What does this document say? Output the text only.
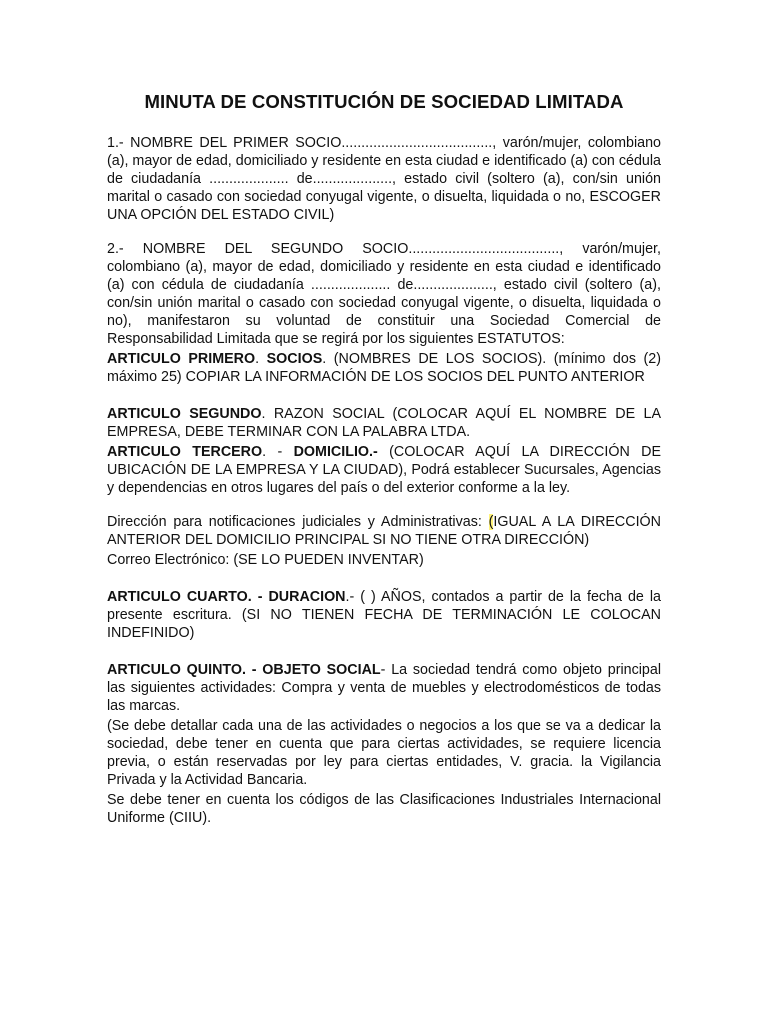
MINUTA DE CONSTITUCIÓN DE SOCIEDAD LIMITADA

1.- NOMBRE DEL PRIMER SOCIO......................................, varón/mujer, colombiano (a), mayor de edad, domiciliado y residente en esta ciudad e identificado (a) con cédula de ciudadanía .................... de...................., estado civil (soltero (a), con/sin unión marital o casado con sociedad conyugal vigente, o disuelta, liquidada o no, ESCOGER UNA OPCIÓN DEL ESTADO CIVIL)

2.- NOMBRE DEL SEGUNDO SOCIO......................................, varón/mujer, colombiano (a), mayor de edad, domiciliado y residente en esta ciudad e identificado (a) con cédula de ciudadanía .................... de...................., estado civil (soltero (a), con/sin unión marital o casado con sociedad conyugal vigente, o disuelta, liquidada o no), manifestaron su voluntad de constituir una Sociedad Comercial de Responsabilidad Limitada que se regirá por los siguientes ESTATUTOS:

ARTICULO PRIMERO. SOCIOS. (NOMBRES DE LOS SOCIOS). (mínimo dos (2) máximo 25) COPIAR LA INFORMACIÓN DE LOS SOCIOS DEL PUNTO ANTERIOR

ARTICULO SEGUNDO. RAZON SOCIAL (COLOCAR AQUÍ EL NOMBRE DE LA EMPRESA, DEBE TERMINAR CON LA PALABRA LTDA.

ARTICULO TERCERO. - DOMICILIO.- (COLOCAR AQUÍ LA DIRECCIÓN DE UBICACIÓN DE LA EMPRESA Y LA CIUDAD), Podrá establecer Sucursales, Agencias y dependencias en otros lugares del país o del exterior conforme a la ley.

Dirección para notificaciones judiciales y Administrativas: (IGUAL A LA DIRECCIÓN ANTERIOR DEL DOMICILIO PRINCIPAL SI NO TIENE OTRA DIRECCIÓN)

Correo Electrónico: (SE LO PUEDEN INVENTAR)

ARTICULO CUARTO. - DURACION.- ( ) AÑOS, contados a partir de la fecha de la presente escritura. (SI NO TIENEN FECHA DE TERMINACIÓN LE COLOCAN INDEFINIDO)

ARTICULO QUINTO. - OBJETO SOCIAL- La sociedad tendrá como objeto principal las siguientes actividades: Compra y venta de muebles y electrodomésticos de todas las marcas.

(Se debe detallar cada una de las actividades o negocios a los que se va a dedicar la sociedad, debe tener en cuenta que para ciertas actividades, se requiere licencia previa, o están reservadas por ley para ciertas entidades, V. gracia. la Vigilancia Privada y la Actividad Bancaria.

Se debe tener en cuenta los códigos de las Clasificaciones Industriales Internacional Uniforme (CIIU).
